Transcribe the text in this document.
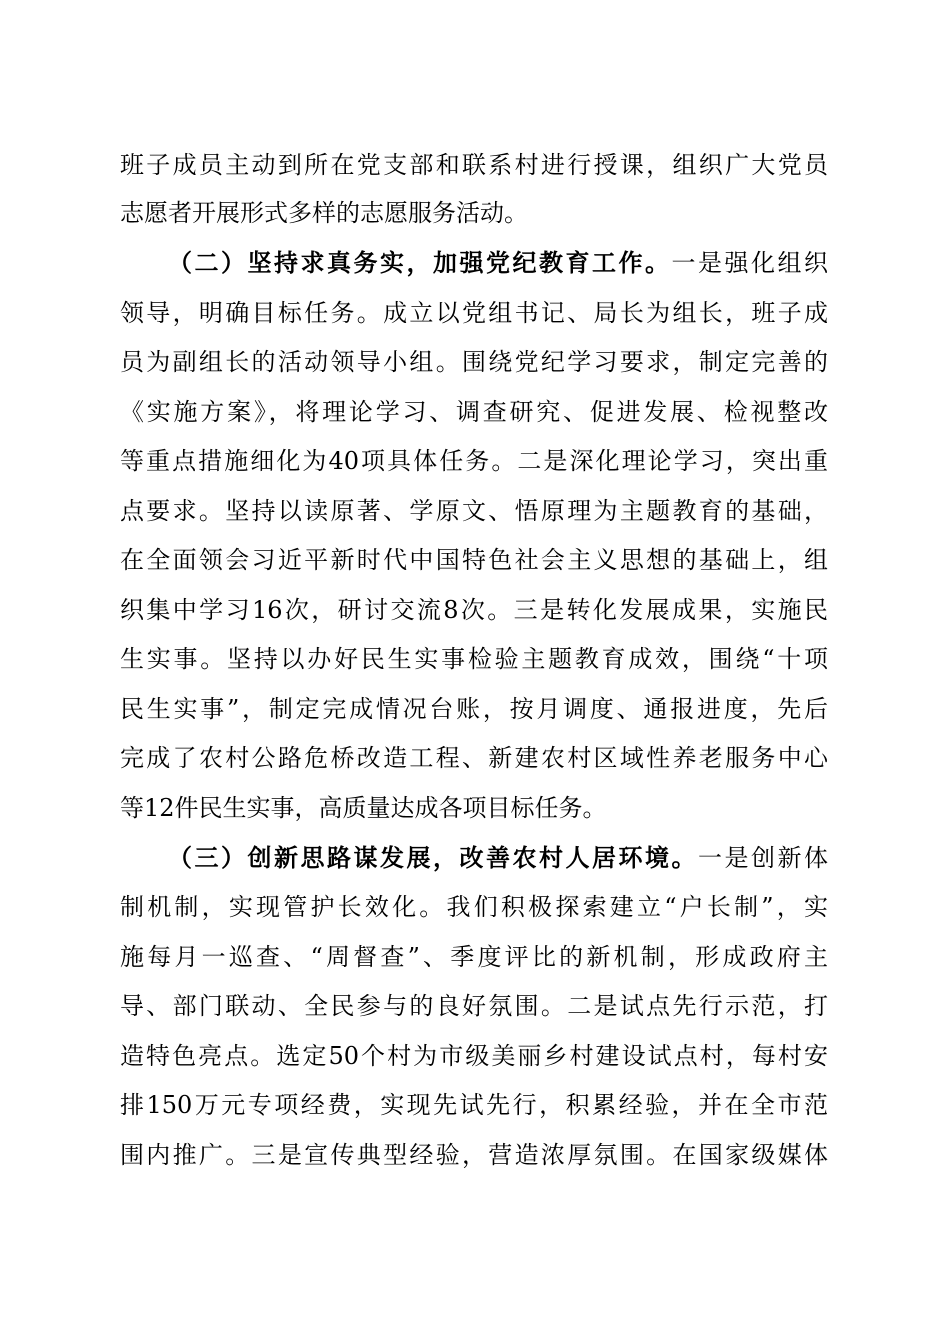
班子成员主动到所在党支部和联系村进行授课，组织广大党员
志愿者开展形式多样的志愿服务活动。
（二）坚持求真务实，加强党纪教育工作。一是强化组织
领导，明确目标任务。成立以党组书记、局长为组长，班子成
员为副组长的活动领导小组。围绕党纪学习要求，制定完善的
《实施方案》，将理论学习、调查研究、促进发展、检视整改
等重点措施细化为40项具体任务。二是深化理论学习，突出重
点要求。坚持以读原著、学原文、悟原理为主题教育的基础，
在全面领会习近平新时代中国特色社会主义思想的基础上，组
织集中学习16次，研讨交流8次。三是转化发展成果，实施民
生实事。坚持以办好民生实事检验主题教育成效，围绕“十项
民生实事”，制定完成情况台账，按月调度、通报进度，先后
完成了农村公路危桥改造工程、新建农村区域性养老服务中心
等12件民生实事，高质量达成各项目标任务。
（三）创新思路谋发展，改善农村人居环境。一是创新体
制机制，实现管护长效化。我们积极探索建立“户长制”，实
施每月一巡查、“周督查”、季度评比的新机制，形成政府主
导、部门联动、全民参与的良好氛围。二是试点先行示范，打
造特色亮点。选定50个村为市级美丽乡村建设试点村，每村安
排150万元专项经费，实现先试先行，积累经验，并在全市范
围内推广。三是宣传典型经验，营造浓厚氛围。在国家级媒体
